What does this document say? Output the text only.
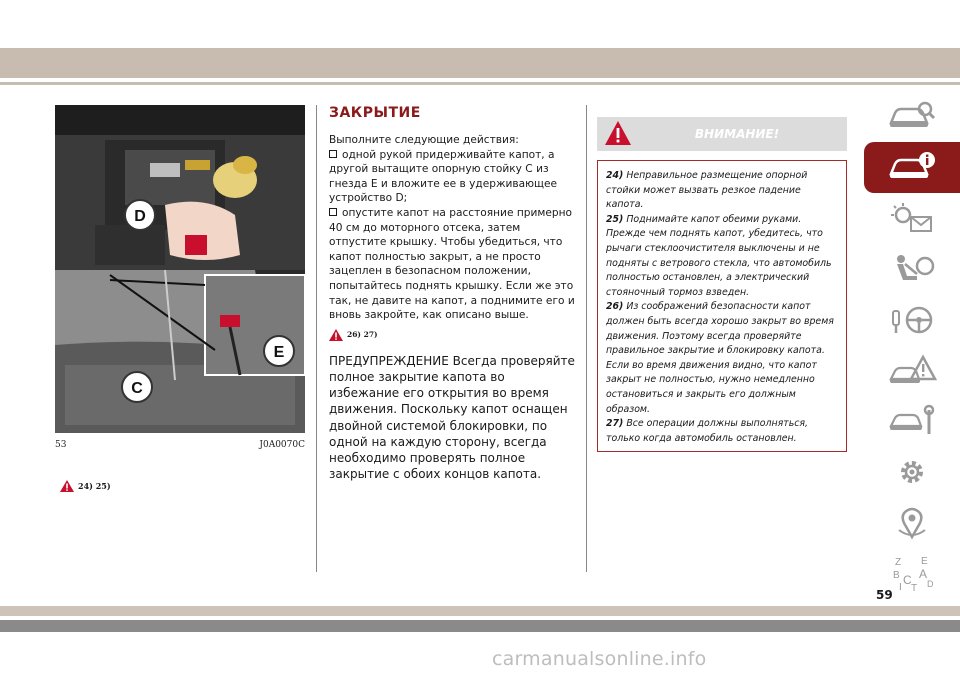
D
E
C
53	J0A0070C
24) 25)
ЗАКРЫТИЕ
Выполните следующие действия:
одной рукой придерживайте капот, а другой вытащите опорную стойку C из гнезда E и вложите ее в удерживающее устройство D;
опустите капот на расстояние примерно 40 см до моторного отсека, затем отпустите крышку. Чтобы убедиться, что капот полностью закрыт, а не просто зацеплен в безопасном положении, попытайтесь поднять крышку. Если же это так, не давите на капот, а поднимите его и вновь закройте, как описано выше.
26) 27)
ПРЕДУПРЕЖДЕНИЕ Всегда проверяйте полное закрытие капота во избежание его открытия во время движения. Поскольку капот оснащен двойной системой блокировки, по одной на каждую сторону, всегда необходимо проверять полное закрытие с обоих концов капота.
ВНИМАНИЕ!

24) Неправильное размещение опорной стойки может вызвать резкое падение капота.

25) Поднимайте капот обеими руками. Прежде чем поднять капот, убедитесь, что рычаги стеклоочистителя выключены и не подняты с ветрового стекла, что автомобиль полностью остановлен, а электрический стояночный тормоз взведен.

26) Из соображений безопасности капот должен быть всегда хорошо закрыт во время движения. Поэтому всегда проверяйте правильное закрытие и блокировку капота. Если во время движения видно, что капот закрыт не полностью, нужно немедленно остановиться и закрыть его должным образом.

27) Все операции должны выполняться, только когда автомобиль остановлен.

Z E
B A
I
C
T D
59
carmanualsonline.info
